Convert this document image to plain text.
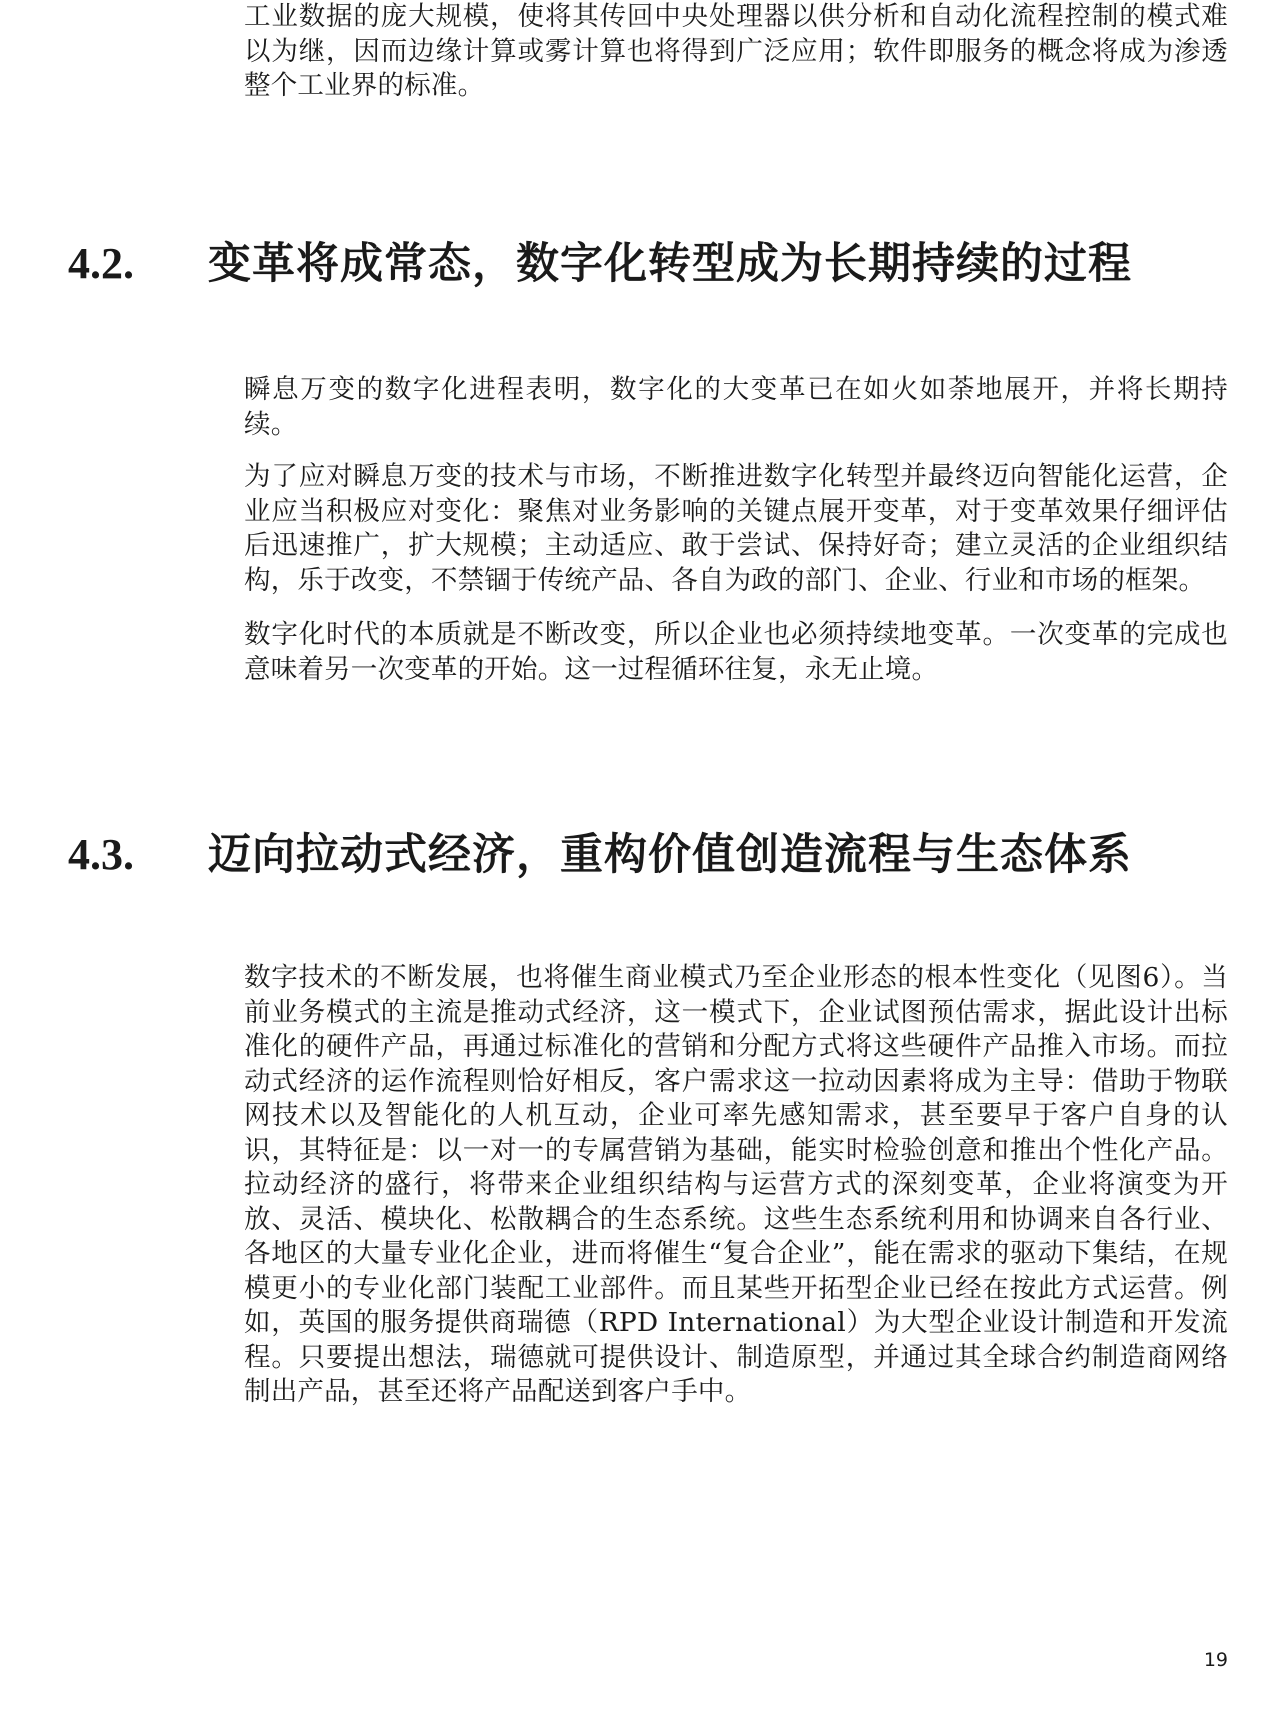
工业数据的庞大规模，使将其传回中央处理器以供分析和自动化流程控制的模式难以为继，因而边缘计算或雾计算也将得到广泛应用；软件即服务的概念将成为渗透整个工业界的标准。

4.2. 变革将成常态，数字化转型成为长期持续的过程

瞬息万变的数字化进程表明，数字化的大变革已在如火如荼地展开，并将长期持续。

为了应对瞬息万变的技术与市场，不断推进数字化转型并最终迈向智能化运营，企业应当积极应对变化：聚焦对业务影响的关键点展开变革，对于变革效果仔细评估后迅速推广，扩大规模；主动适应、敢于尝试、保持好奇；建立灵活的企业组织结构，乐于改变，不禁锢于传统产品、各自为政的部门、企业、行业和市场的框架。

数字化时代的本质就是不断改变，所以企业也必须持续地变革。一次变革的完成也意味着另一次变革的开始。这一过程循环往复，永无止境。

4.3. 迈向拉动式经济，重构价值创造流程与生态体系

数字技术的不断发展，也将催生商业模式乃至企业形态的根本性变化（见图6）。当前业务模式的主流是推动式经济，这一模式下，企业试图预估需求，据此设计出标准化的硬件产品，再通过标准化的营销和分配方式将这些硬件产品推入市场。而拉动式经济的运作流程则恰好相反，客户需求这一拉动因素将成为主导：借助于物联网技术以及智能化的人机互动，企业可率先感知需求，甚至要早于客户自身的认识，其特征是：以一对一的专属营销为基础，能实时检验创意和推出个性化产品。拉动经济的盛行，将带来企业组织结构与运营方式的深刻变革，企业将演变为开放、灵活、模块化、松散耦合的生态系统。这些生态系统利用和协调来自各行业、各地区的大量专业化企业，进而将催生“复合企业”，能在需求的驱动下集结，在规模更小的专业化部门装配工业部件。而且某些开拓型企业已经在按此方式运营。例如，英国的服务提供商瑞德（RPD International）为大型企业设计制造和开发流程。只要提出想法，瑞德就可提供设计、制造原型，并通过其全球合约制造商网络制出产品，甚至还将产品配送到客户手中。

19
